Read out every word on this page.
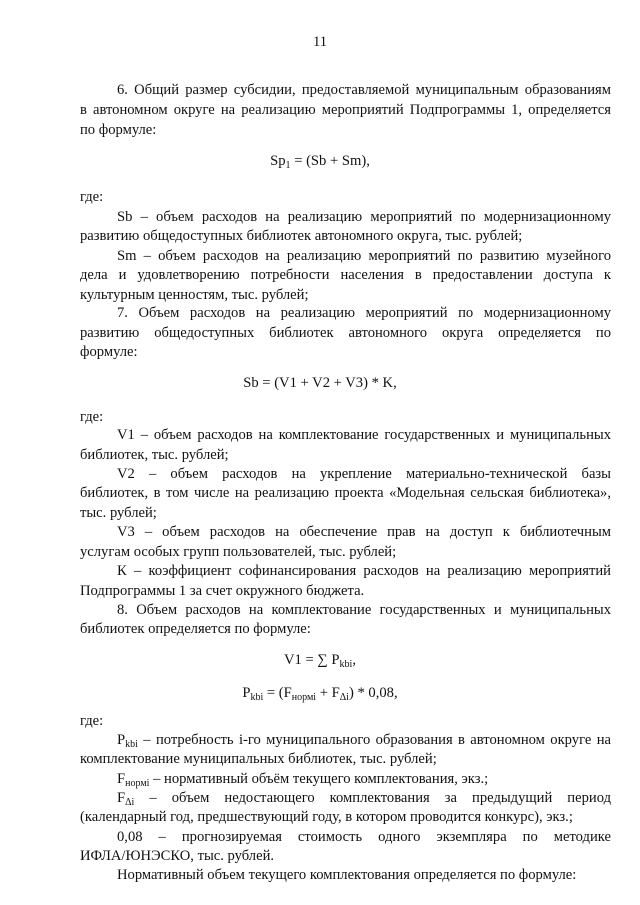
11
6. Общий размер субсидии, предоставляемой муниципальным образованиям
в автономном округе на реализацию мероприятий Подпрограммы 1, определяется
по формуле:
$Sp_1 = (Sb + Sm)$,
где:
Sb – объем расходов на реализацию мероприятий по модернизационному
развитию общедоступных библиотек автономного округа, тыс. рублей;
Sm – объем расходов на реализацию мероприятий по развитию музейного
дела и удовлетворению потребности населения в предоставлении доступа к
культурным ценностям, тыс. рублей;
7. Объем расходов на реализацию мероприятий по модернизационному
развитию общедоступных библиотек автономного округа определяется по
формуле:
Sb = (V1 + V2 + V3) * K,
где:
V1 – объем расходов на комплектование государственных и муниципальных
библиотек, тыс. рублей;
V2 – объем расходов на укрепление материально-технической базы
библиотек, в том числе на реализацию проекта «Модельная сельская библиотека»,
тыс. рублей;
V3 – объем расходов на обеспечение прав на доступ к библиотечным
услугам особых групп пользователей, тыс. рублей;
К – коэффициент софинансирования расходов на реализацию мероприятий
Подпрограммы 1 за счет окружного бюджета.
8. Объем расходов на комплектование государственных и муниципальных
библиотек определяется по формуле:
V1 = ∑ $P_{kbi}$,
$P_{kbi} = (F_{нормi} + F_{\Delta i}) * 0,08$,
где:
$P_{kbi}$ – потребность i-го муниципального образования в автономном округе на
комплектование муниципальных библиотек, тыс. рублей;
$F_{нормi}$ – нормативный объём текущего комплектования, экз.;
$F_{\Delta i}$ – объем недостающего комплектования за предыдущий период
(календарный год, предшествующий году, в котором проводится конкурс), экз.;
0,08 – прогнозируемая стоимость одного экземпляра по методике
ИФЛА/ЮНЭСКО, тыс. рублей.
Нормативный объем текущего комплектования определяется по формуле:
